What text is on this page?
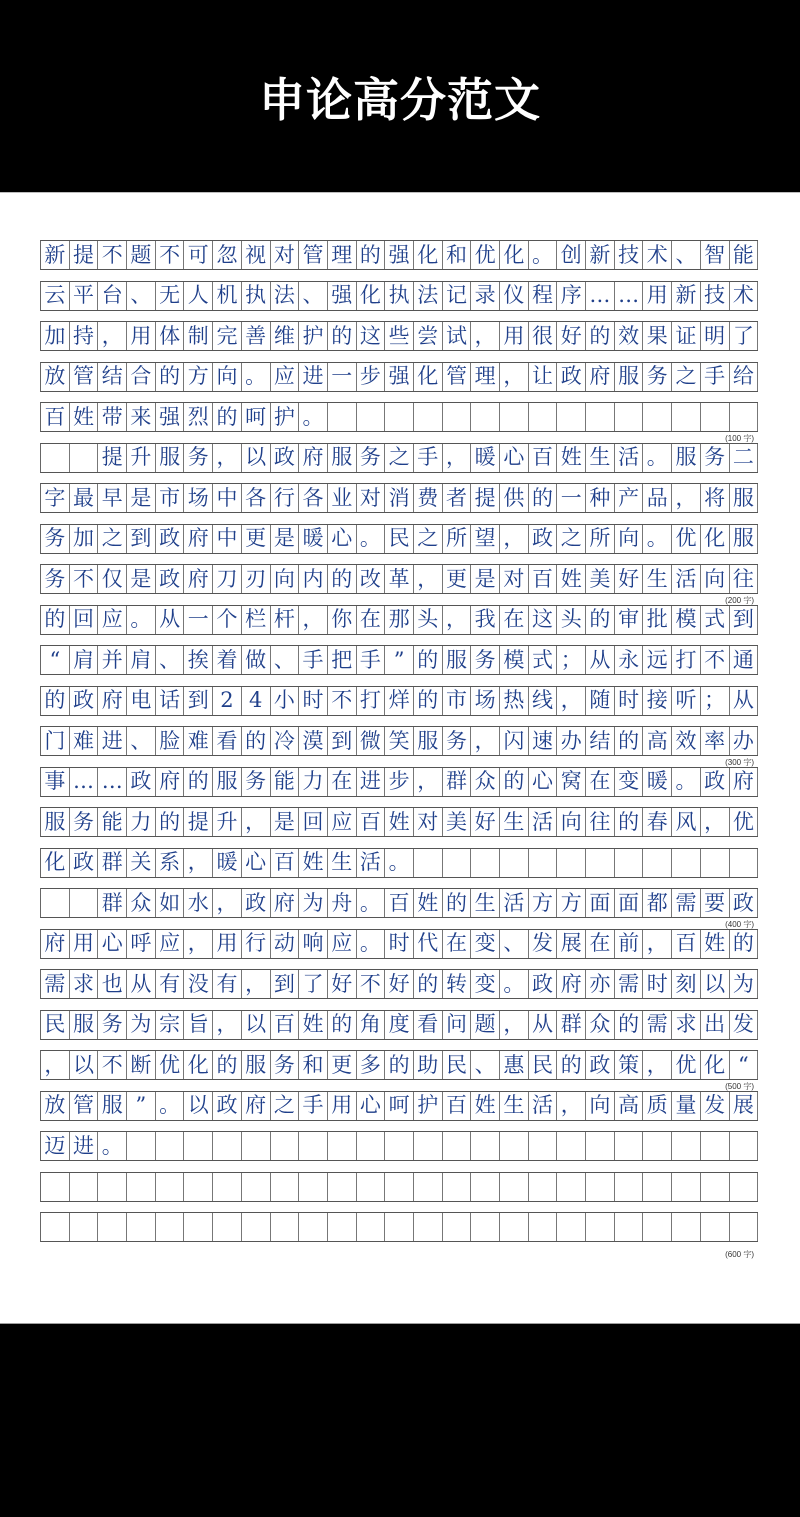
申论高分范文
新 提 不 题 不 可 忽 视 对 管 理 的 强 化 和 优 化 。 创 新 技 术 、 智 能
云 平 台 、 无 人 机 执 法 、 强 化 执 法 记 录 仪 程 序 … … 用 新 技 术
加 持 ， 用 体 制 完 善 维 护 的 这 些 尝 试 ， 用 很 好 的 效 果 证 明 了
放 管 结 合 的 方 向 。 应 进 一 步 强 化 管 理 ， 让 政 府 服 务 之 手 给
百 姓 带 来 强 烈 的 呵 护 。
提 升 服 务 ， 以 政 府 服 务 之 手 ， 暖 心 百 姓 生 活 。 服 务 二
字 最 早 是 市 场 中 各 行 各 业 对 消 费 者 提 供 的 一 种 产 品 ， 将 服
务 加 之 到 政 府 中 更 是 暖 心 。 民 之 所 望 ， 政 之 所 向 。 优 化 服
务 不 仅 是 政 府 刀 刃 向 内 的 改 革 ， 更 是 对 百 姓 美 好 生 活 向 往
的 回 应 。 从 一 个 栏 杆 ， 你 在 那 头 ， 我 在 这 头 的 审 批 模 式 到
“ 肩 并 肩 、 挨 着 做 、 手 把 手 ” 的 服 务 模 式 ； 从 永 远 打 不 通
的 政 府 电 话 到 2 4 小 时 不 打 烊 的 市 场 热 线 ， 随 时 接 听 ； 从
门 难 进 、 脸 难 看 的 冷 漠 到 微 笑 服 务 ， 闪 速 办 结 的 高 效 率 办
事 … … 政 府 的 服 务 能 力 在 进 步 ， 群 众 的 心 窝 在 变 暖 。 政 府
服 务 能 力 的 提 升 ， 是 回 应 百 姓 对 美 好 生 活 向 往 的 春 风 ， 优
化 政 群 关 系 ， 暖 心 百 姓 生 活 。
群 众 如 水 ， 政 府 为 舟 。 百 姓 的 生 活 方 方 面 面 都 需 要 政
府 用 心 呼 应 ， 用 行 动 响 应 。 时 代 在 变 、 发 展 在 前 ， 百 姓 的
需 求 也 从 有 没 有 ， 到 了 好 不 好 的 转 变 。 政 府 亦 需 时 刻 以 为
民 服 务 为 宗 旨 ， 以 百 姓 的 角 度 看 问 题 ， 从 群 众 的 需 求 出 发
， 以 不 断 优 化 的 服 务 和 更 多 的 助 民 、 惠 民 的 政 策 ， 优 化 “
放 管 服 ” 。 以 政 府 之 手 用 心 呵 护 百 姓 生 活 ， 向 高 质 量 发 展
迈 进 。
(100 字)
(200 字)
(300 字)
(400 字)
(500 字)
(600 字)
